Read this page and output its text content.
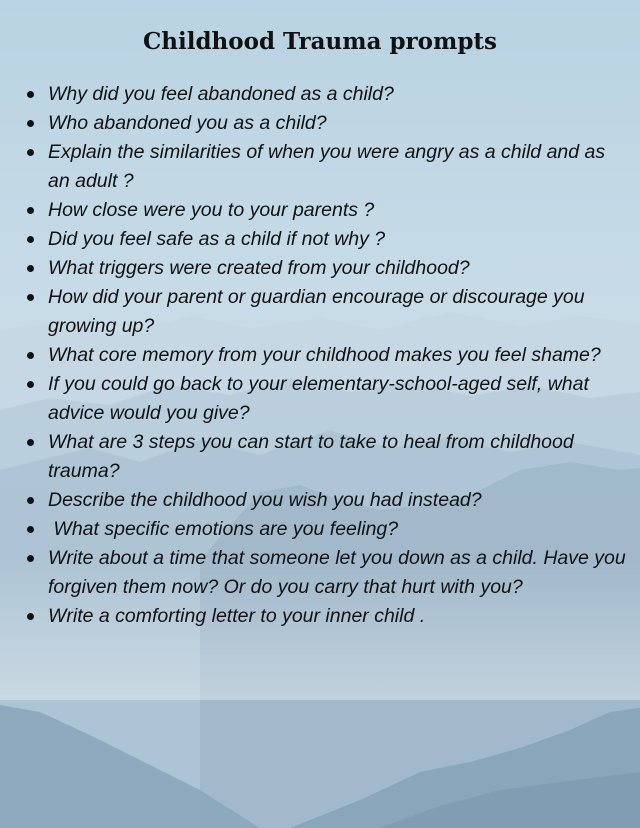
Childhood Trauma prompts
Why did you feel abandoned as a child?
Who abandoned you as a child?
Explain the similarities of when you were angry as a child and as an adult ?
How close were you to your parents ?
Did you feel safe as a child if not why ?
What triggers were created from your childhood?
How did your parent or guardian encourage or discourage you growing up?
What core memory from your childhood makes you feel shame?
If you could go back to your elementary-school-aged self, what advice would you give?
What are 3 steps you can start to take to heal from childhood trauma?
Describe the childhood you wish you had instead?
What specific emotions are you feeling?
Write about a time that someone let you down as a child. Have you forgiven them now? Or do you carry that hurt with you?
Write a comforting letter to your inner child .
